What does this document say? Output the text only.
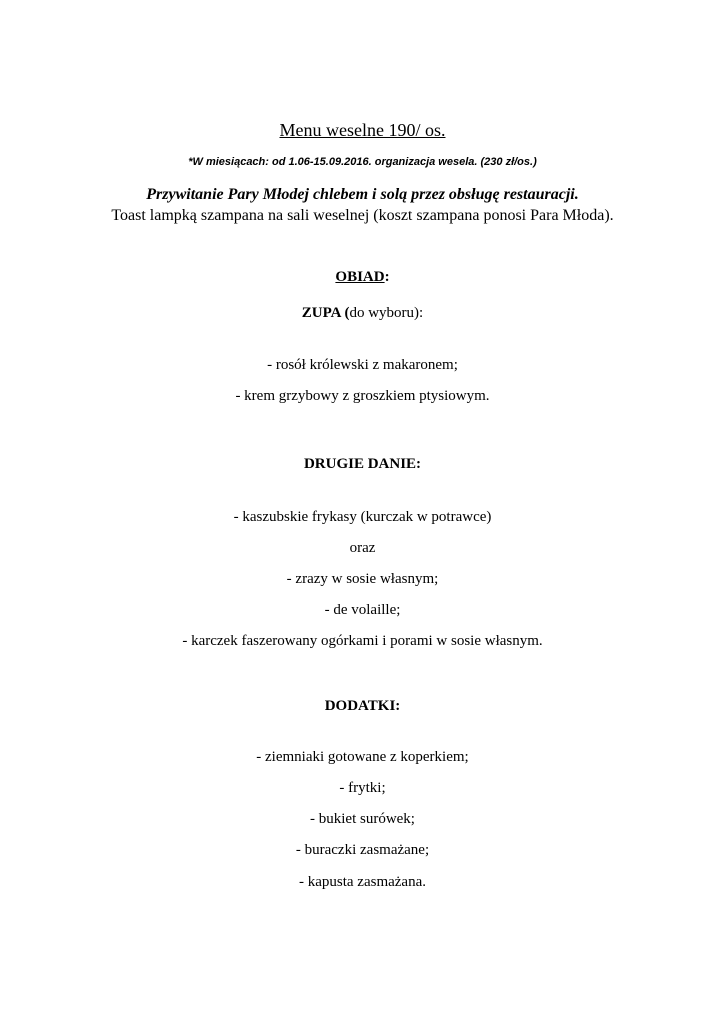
Menu weselne 190/ os.
*W miesiącach: od 1.06-15.09.2016. organizacja wesela. (230 zł/os.)
Przywitanie Pary Młodej chlebem i solą przez obsługę restauracji.
Toast lampką szampana na sali weselnej (koszt szampana ponosi Para Młoda).
OBIAD:
ZUPA (do wyboru):
- rosół królewski z makaronem;
- krem grzybowy z groszkiem ptysiowym.
DRUGIE DANIE:
- kaszubskie frykasy (kurczak w potrawce)
oraz
- zrazy w sosie własnym;
- de volaille;
- karczek faszerowany ogórkami i porami w sosie własnym.
DODATKI:
- ziemniaki gotowane z koperkiem;
- frytki;
- bukiet surówek;
- buraczki zasmażane;
- kapusta zasmażana.
